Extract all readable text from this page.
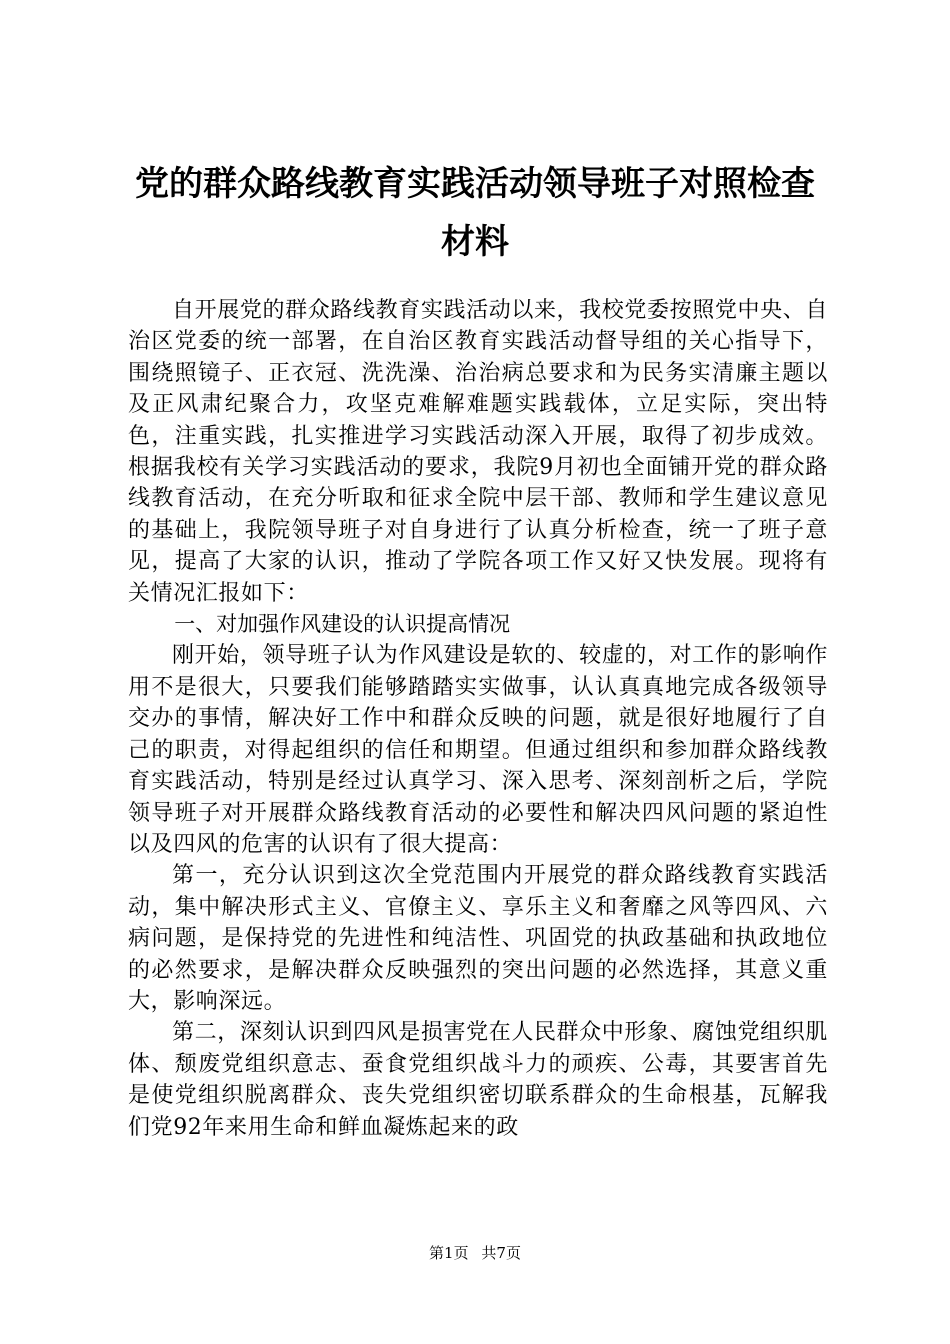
党的群众路线教育实践活动领导班子对照检查
材料

自开展党的群众路线教育实践活动以来，我校党委按照党中央、自治区党委的统一部署，在自治区教育实践活动督导组的关心指导下，围绕照镜子、正衣冠、洗洗澡、治治病总要求和为民务实清廉主题以及正风肃纪聚合力，攻坚克难解难题实践载体，立足实际，突出特色，注重实践，扎实推进学习实践活动深入开展，取得了初步成效。根据我校有关学习实践活动的要求，我院9月初也全面铺开党的群众路线教育活动，在充分听取和征求全院中层干部、教师和学生建议意见的基础上，我院领导班子对自身进行了认真分析检查，统一了班子意见，提高了大家的认识，推动了学院各项工作又好又快发展。现将有关情况汇报如下：

一、对加强作风建设的认识提高情况

刚开始，领导班子认为作风建设是软的、较虚的，对工作的影响作用不是很大，只要我们能够踏踏实实做事，认认真真地完成各级领导交办的事情，解决好工作中和群众反映的问题，就是很好地履行了自己的职责，对得起组织的信任和期望。但通过组织和参加群众路线教育实践活动，特别是经过认真学习、深入思考、深刻剖析之后，学院领导班子对开展群众路线教育活动的必要性和解决四风问题的紧迫性以及四风的危害的认识有了很大提高：

第一，充分认识到这次全党范围内开展党的群众路线教育实践活动，集中解决形式主义、官僚主义、享乐主义和奢靡之风等四风、六病问题，是保持党的先进性和纯洁性、巩固党的执政基础和执政地位的必然要求，是解决群众反映强烈的突出问题的必然选择，其意义重大，影响深远。

第二，深刻认识到四风是损害党在人民群众中形象、腐蚀党组织肌体、颓废党组织意志、蚕食党组织战斗力的顽疾、公毒，其要害首先是使党组织脱离群众、丧失党组织密切联系群众的生命根基，瓦解我们党92年来用生命和鲜血凝炼起来的政

第1页 共7页
